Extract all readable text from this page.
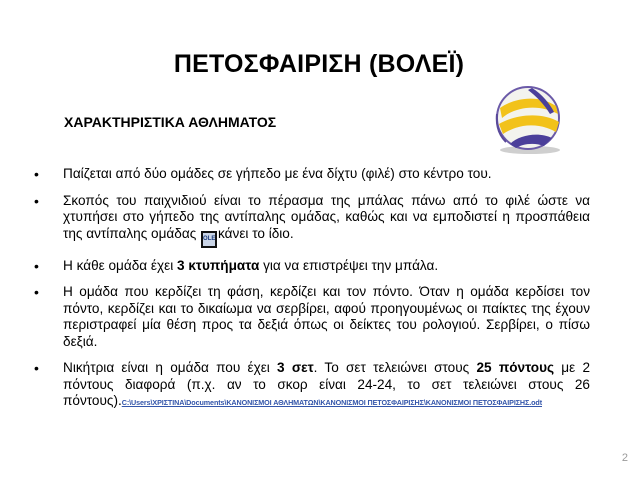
ΠΕΤΟΣΦΑΙΡΙΣΗ (ΒΟΛΕΪ)
ΧΑΡΑΚΤΗΡΙΣΤΙΚΑ ΑΘΛΗΜΑΤΟΣ

• Παίζεται από δύο ομάδες σε γήπεδο με ένα δίχτυ (φιλέ) στο κέντρο του.

• Σκοπός του παιχνιδιού είναι το πέρασμα της μπάλας πάνω από το φιλέ ώστε να χτυπήσει στο γήπεδο της αντίπαλης ομάδας, καθώς και να εμποδιστεί η προσπάθεια της αντίπαλης ομάδας OLE κάνει το ίδιο.

• Η κάθε ομάδα έχει 3 κτυπήματα για να επιστρέψει την μπάλα.

• Η ομάδα που κερδίζει τη φάση, κερδίζει και τον πόντο. Όταν η ομάδα κερδίσει τον πόντο, κερδίζει και το δικαίωμα να σερβίρει, αφού προηγουμένως οι παίκτες της έχουν περιστραφεί μία θέση προς τα δεξιά όπως οι δείκτες του ρολογιού. Σερβίρει, ο πίσω δεξιά.

• Νικήτρια είναι η ομάδα που έχει 3 σετ. Το σετ τελειώνει στους 25 πόντους με 2 πόντους διαφορά (π.χ. αν το σκορ είναι 24-24, το σετ τελειώνει στους 26 πόντους).C:\Users\ΧΡΙΣΤΙΝΑ\Documents\ΚΑΝΟΝΙΣΜΟΙ ΑΘΛΗΜΑΤΩΝ\ΚΑΝΟΝΙΣΜΟΙ ΠΕΤΟΣΦΑΙΡΙΣΗΣ\ΚΑΝΟΝΙΣΜΟΙ ΠΕΤΟΣΦΑΙΡΙΣΗΣ.odt

2
